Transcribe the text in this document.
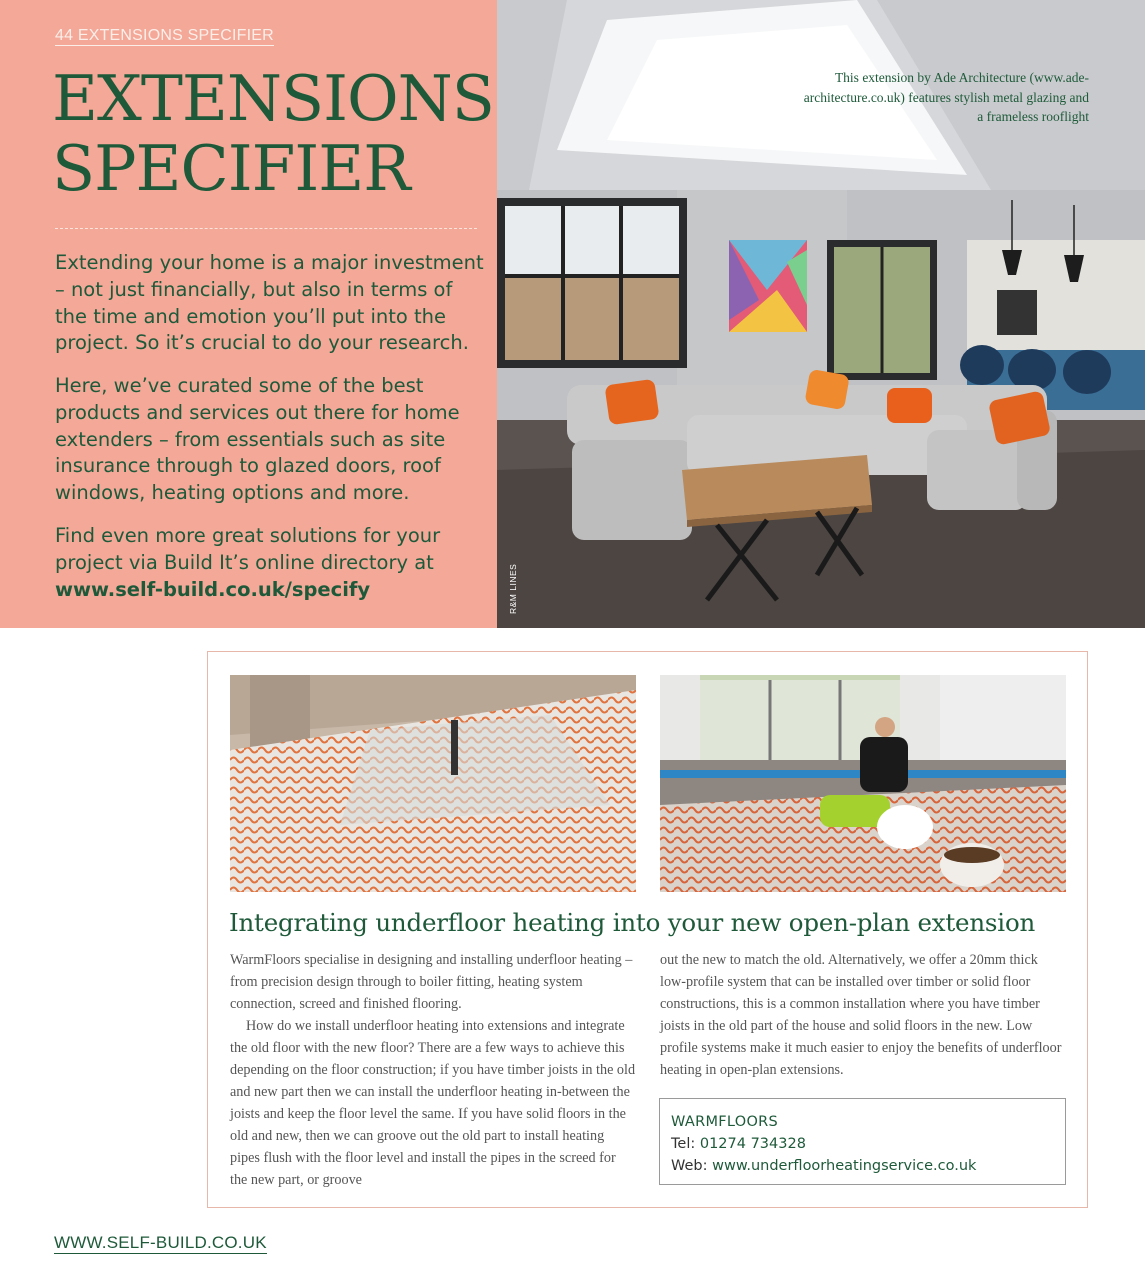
44 EXTENSIONS SPECIFIER
EXTENSIONS
SPECIFIER

Extending your home is a major investment – not just financially, but also in terms of the time and emotion you’ll put into the project. So it’s crucial to do your research.

Here, we’ve curated some of the best products and services out there for home extenders – from essentials such as site insurance through to glazed doors, roof windows, heating options and more.

Find even more great solutions for your project via Build It’s online directory at
www.self-build.co.uk/specify

This extension by Ade Architecture (www.ade-architecture.co.uk) features stylish metal glazing and a frameless rooflight
R&M LINES
Integrating underfloor heating into your new open-plan extension

WarmFloors specialise in designing and installing underfloor heating – from precision design through to boiler fitting, heating system connection, screed and finished flooring.
How do we install underfloor heating into extensions and integrate the old floor with the new floor? There are a few ways to achieve this depending on the floor construction; if you have timber joists in the old and new part then we can install the underfloor heating in-between the joists and keep the floor level the same. If you have solid floors in the old and new, then we can groove out the old part to install heating pipes flush with the floor level and install the pipes in the screed for the new part, or groove

out the new to match the old. Alternatively, we offer a 20mm thick low-profile system that can be installed over timber or solid floor constructions, this is a common installation where you have timber joists in the old part of the house and solid floors in the new. Low profile systems make it much easier to enjoy the benefits of underfloor heating in open-plan extensions.

WARMFLOORS
Tel: 01274 734328
Web: www.underfloorheatingservice.co.uk
WWW.SELF-BUILD.CO.UK
